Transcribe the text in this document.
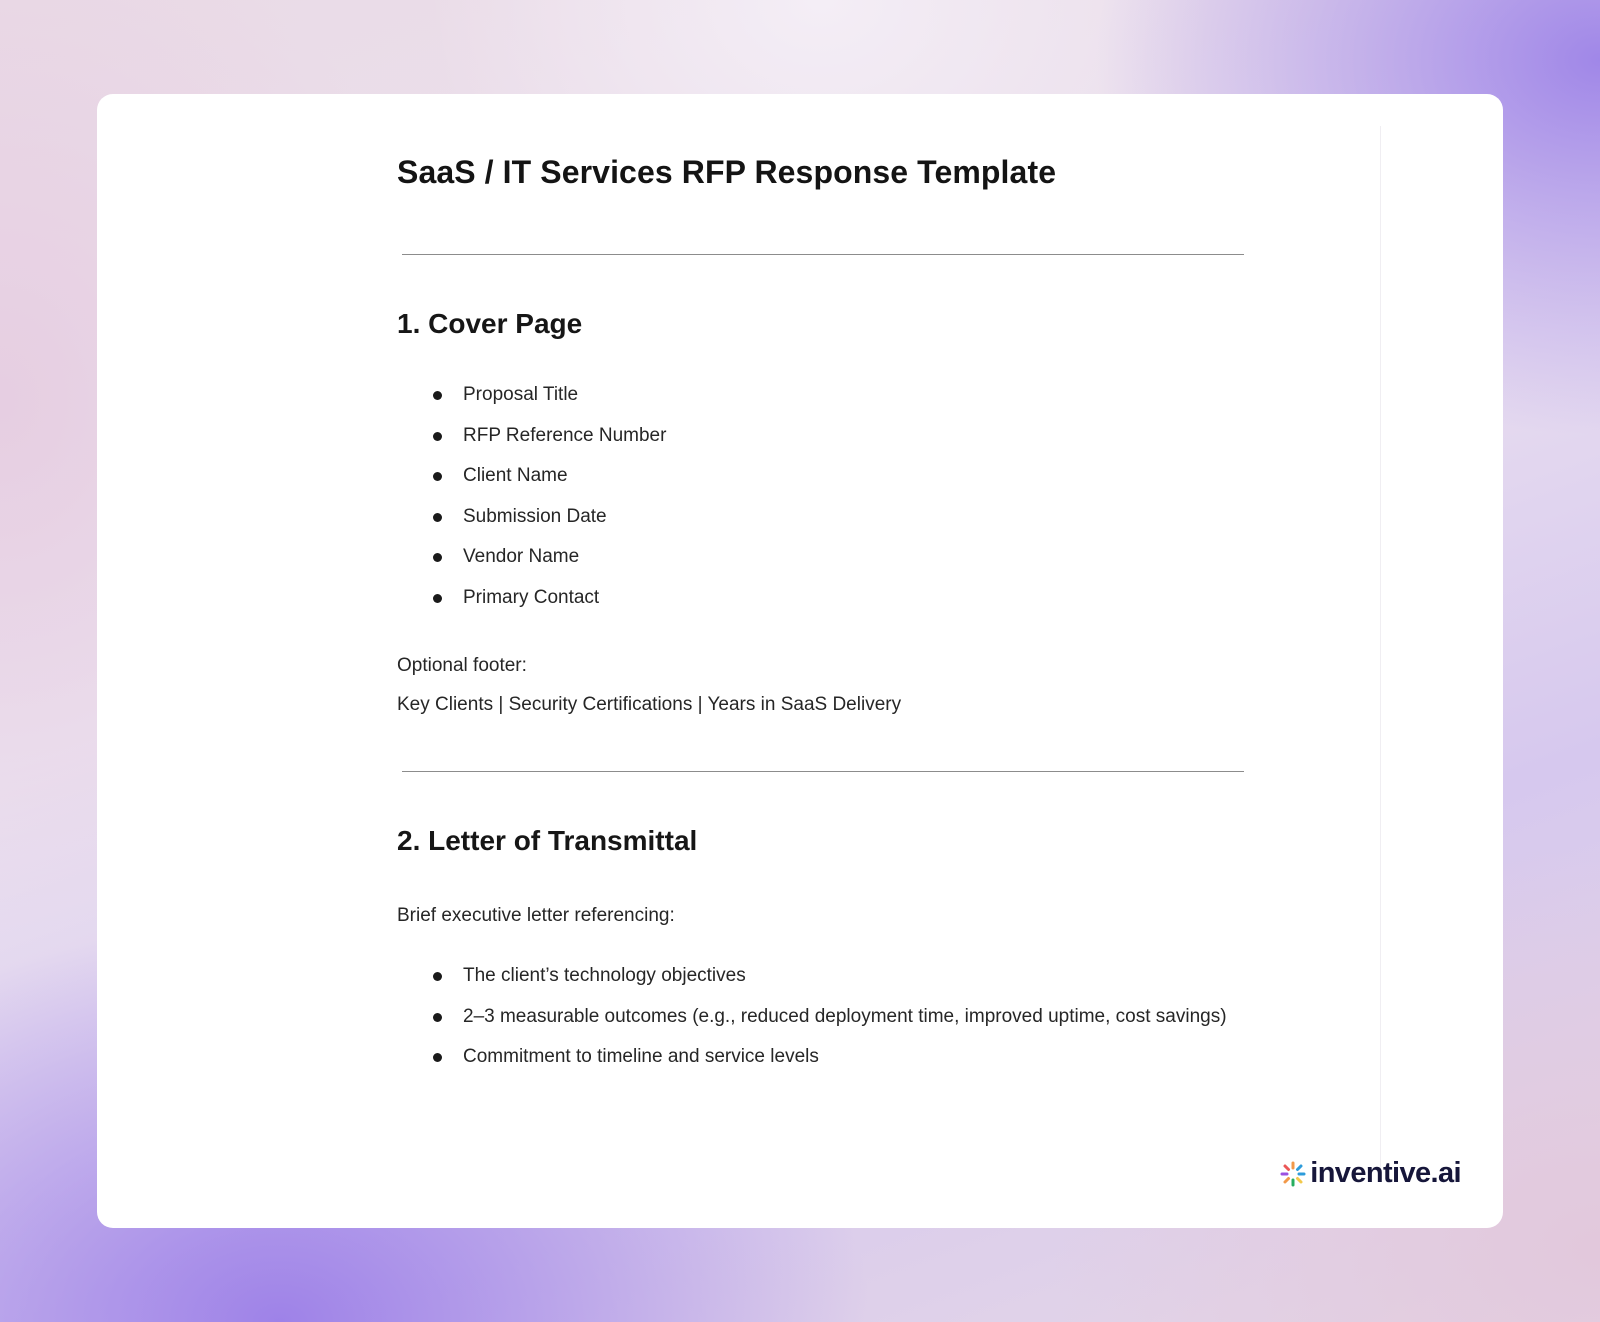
SaaS / IT Services RFP Response Template
1. Cover Page
Proposal Title
RFP Reference Number
Client Name
Submission Date
Vendor Name
Primary Contact

Optional footer:

Key Clients | Security Certifications | Years in SaaS Delivery

2. Letter of Transmittal

Brief executive letter referencing:

The client’s technology objectives
2–3 measurable outcomes (e.g., reduced deployment time, improved uptime, cost savings)
Commitment to timeline and service levels
inventive.ai
